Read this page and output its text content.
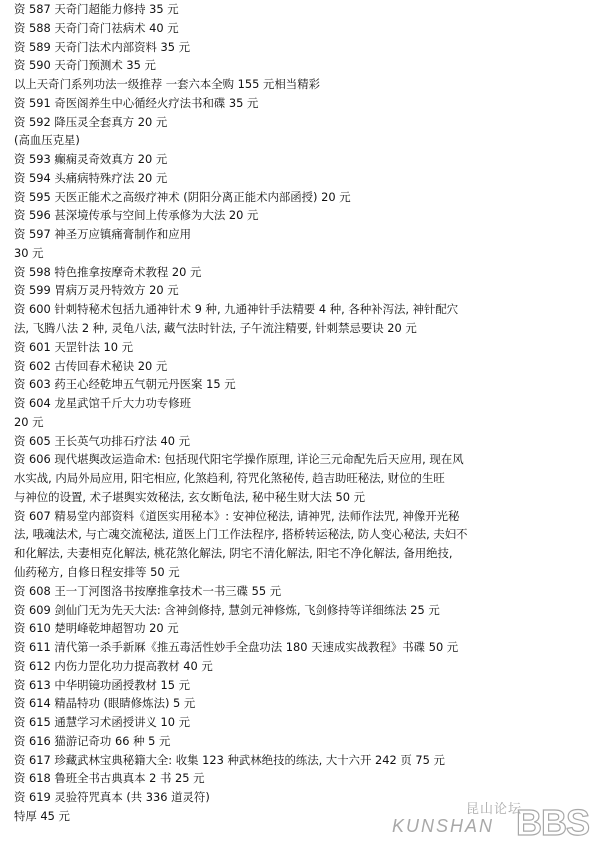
资 587 天奇门超能力修持 35 元
资 588 天奇门奇门祛病术 40 元
资 589 天奇门法术内部资料 35 元
资 590 天奇门预测术 35 元
以上天奇门系列功法一级推荐 一套六本全购 155 元相当精彩
资 591 奇医阁养生中心循经火疗法书和碟 35 元
资 592 降压灵全套真方 20 元
(高血压克星)
资 593 癫痫灵奇效真方 20 元
资 594 头痛病特殊疗法 20 元
资 595 天医正能术之高级疗神术 (阴阳分离正能术内部函授) 20 元
资 596 甚深境传承与空间上传承修为大法 20 元
资 597 神圣万应镇痛膏制作和应用
30 元
资 598 特色推拿按摩奇术教程 20 元
资 599 胃病万灵丹特效方 20 元
资 600 针刺特秘术包括九通神针术 9 种, 九通神针手法精要 4 种, 各种补泻法, 神针配穴
法, 飞腾八法 2 种, 灵龟八法, 藏气法时针法, 子午流注精要, 针刺禁忌要诀 20 元
资 601 天罡针法 10 元
资 602 古传回春术秘诀 20 元
资 603 药王心经乾坤五气朝元丹医案 15 元
资 604 龙星武馆千斤大力功专修班
20 元
资 605 王长英气功排石疗法 40 元
资 606 现代堪舆改运造命术: 包括现代阳宅学操作原理, 详论三元命配先后天应用, 现在风
水实战, 内局外局应用, 阳宅相应, 化煞趋利, 符咒化煞秘传, 趋吉助旺秘法, 财位的生旺
与神位的设置, 术子堪舆实效秘法, 玄女断龟法, 秘中秘生财大法 50 元
资 607 精易堂内部资料《道医实用秘本》: 安神位秘法, 请神咒, 法师作法咒, 神像开光秘
法, 哦魂法术, 与亡魂交流秘法, 道医上门工作法程序, 搭桥转运秘法, 防人变心秘法, 夫妇不
和化解法, 夫妻相克化解法, 桃花煞化解法, 阴宅不清化解法, 阳宅不净化解法, 备用绝技,
仙药秘方, 自修日程安排等 50 元
资 608 王一丁河图洛书按摩推拿技术一书三碟 55 元
资 609 剑仙门无为先天大法: 含神剑修持, 慧剑元神修炼, 飞剑修持等详细练法 25 元
资 610 楚明峰乾坤超智功 20 元
资 611 清代第一杀手新厤《推五毒活性妙手全盘功法 180 天速成实战教程》书碟 50 元
资 612 内伤力罡化功力提高教材 40 元
资 613 中华明镜功函授教材 15 元
资 614 精晶特功 (眼睛修炼法) 5 元
资 615 通慧学习术函授讲义 10 元
资 616 猫游记奇功 66 种 5 元
资 617 珍藏武林宝典秘籍大全: 收集 123 种武林绝技的练法, 大十六开 242 页 75 元
资 618 鲁班全书古典真本 2 书 25 元
资 619 灵验符咒真本 (共 336 道灵符)
特厚 45 元	昆山论坛
KUNSHAN BBS
